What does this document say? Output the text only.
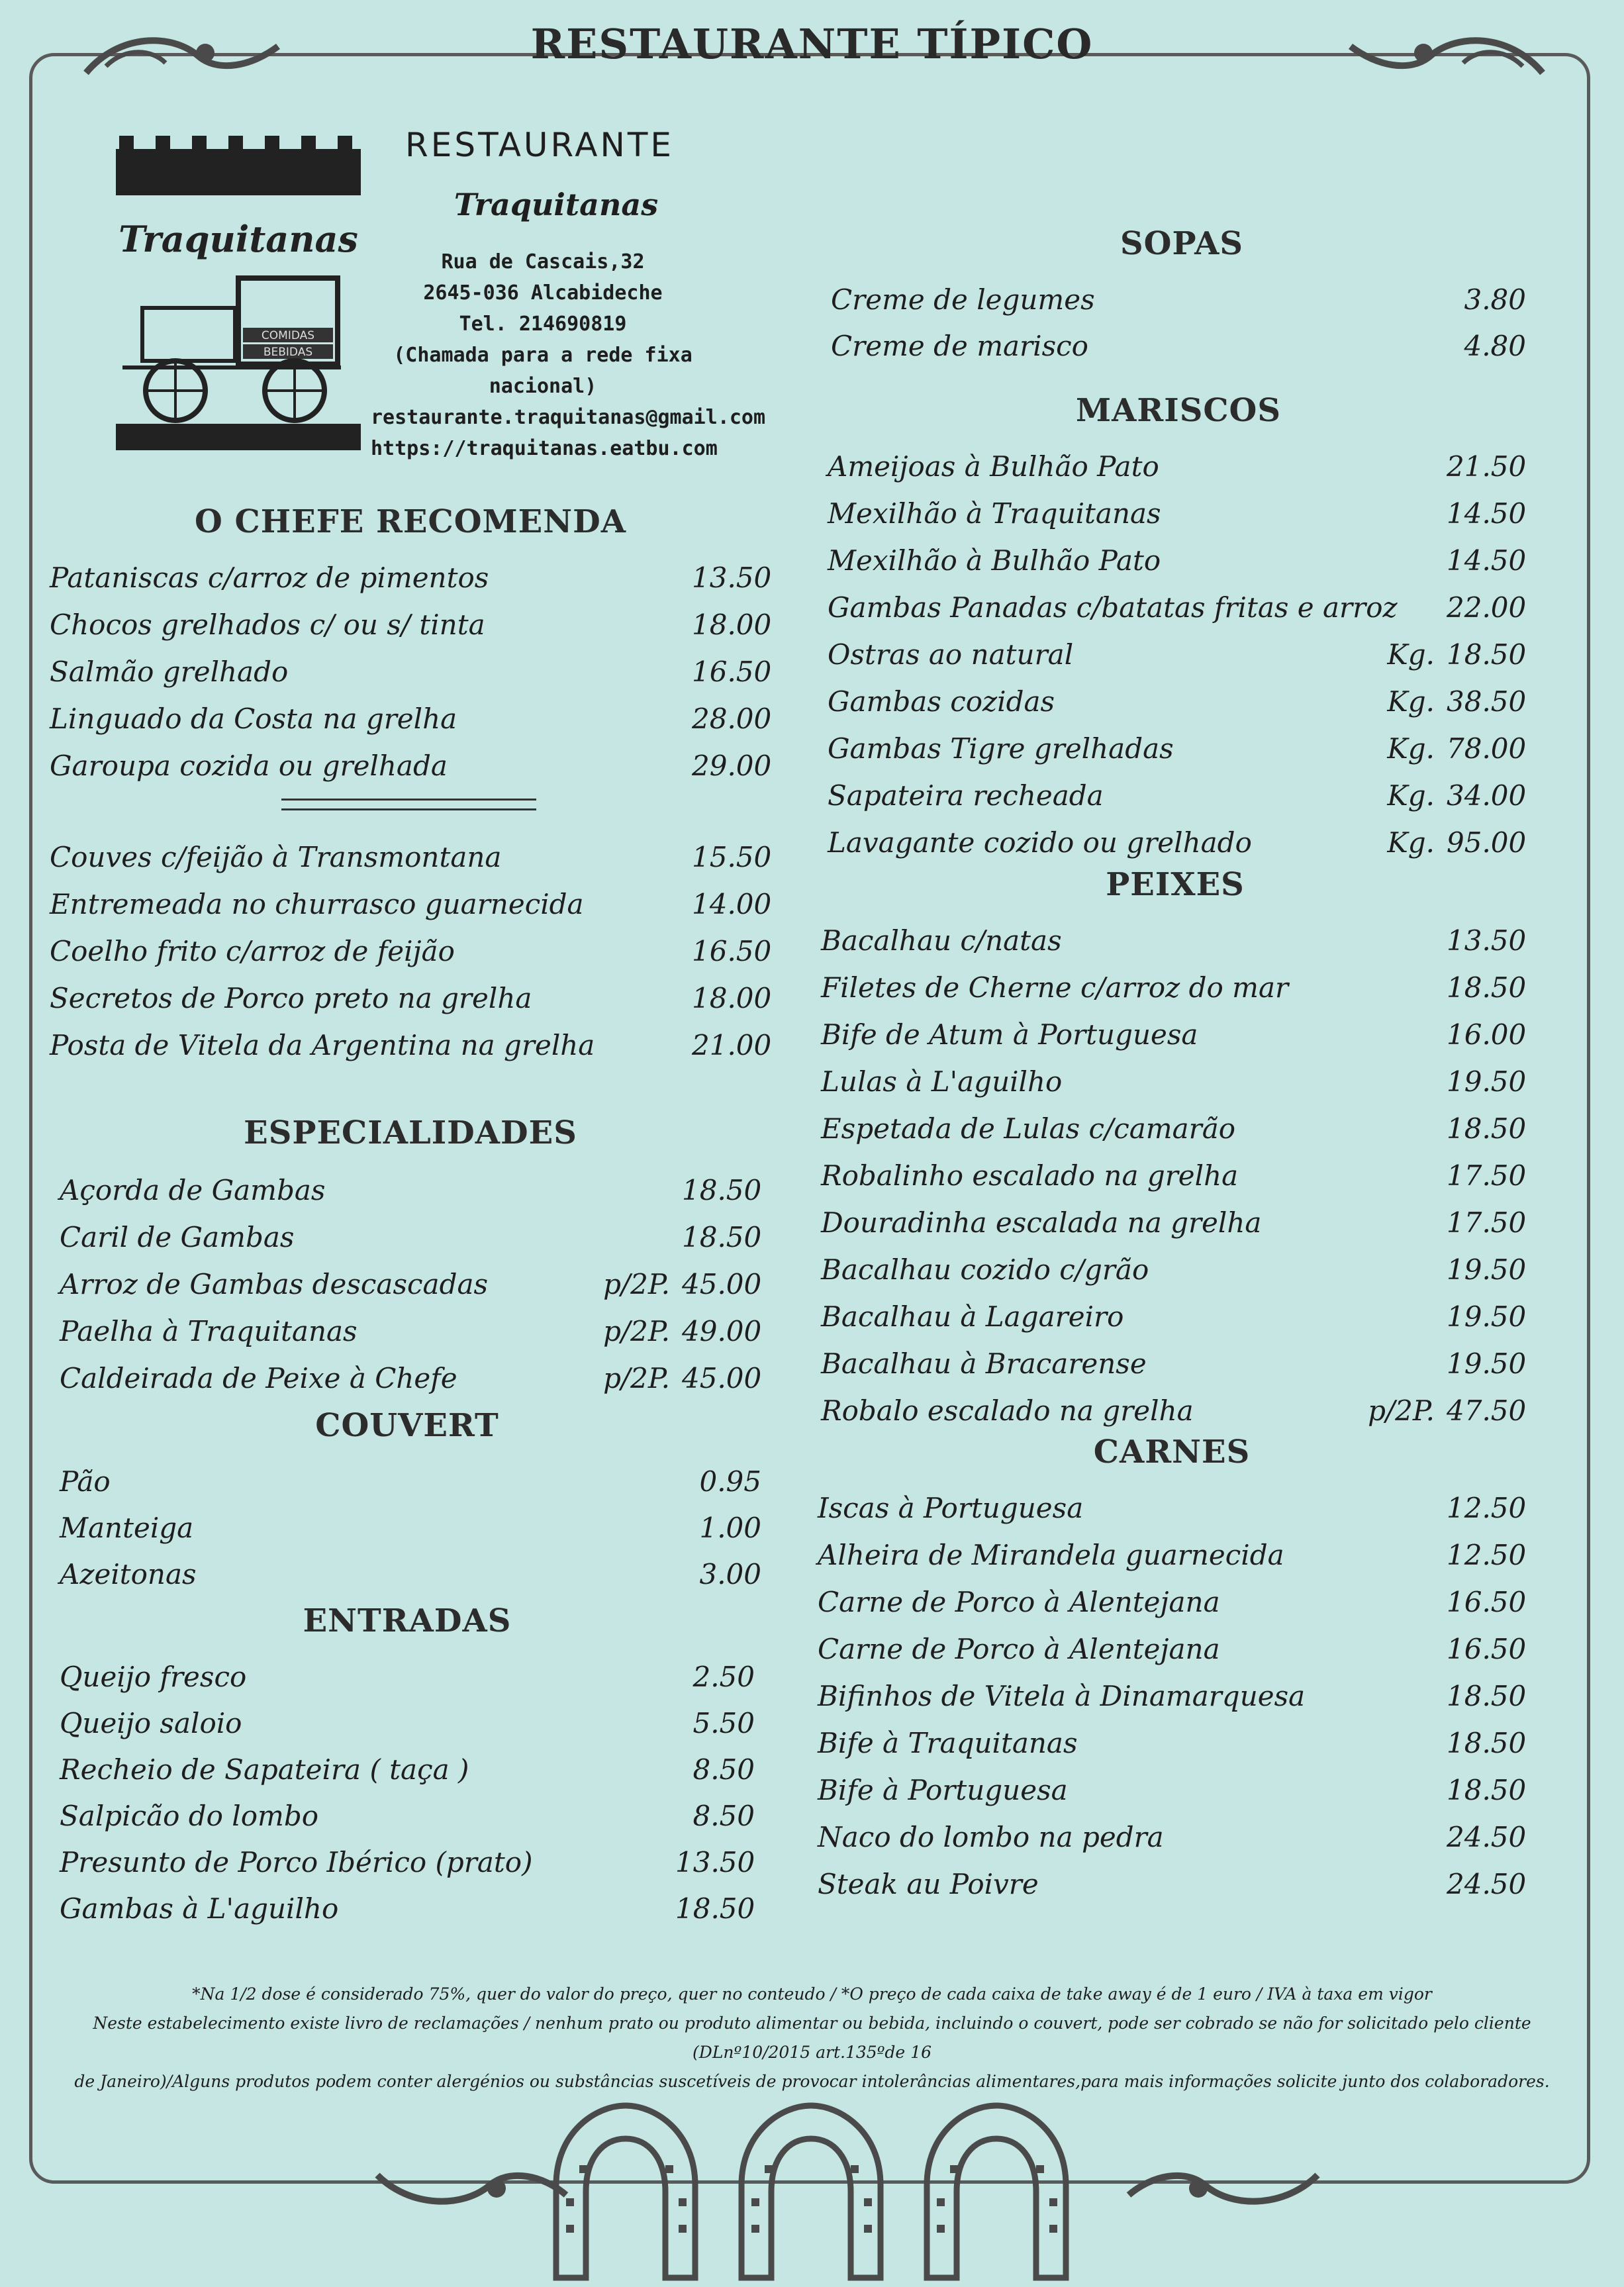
RESTAURANTE TÍPICO
Traquitanas
COMIDAS
BEBIDAS
RESTAURANTE
Traquitanas
Rua de Cascais,32
2645-036 Alcabideche
Tel. 214690819
(Chamada para a rede fixa nacional)
restaurante.traquitanas@gmail.com
https://traquitanas.eatbu.com
O CHEFE RECOMENDA
Pataniscas c/arroz de pimentos	13.50
Chocos grelhados c/ ou s/ tinta	18.00
Salmão grelhado	16.50
Linguado da Costa na grelha	28.00
Garoupa cozida ou grelhada	29.00
Couves c/feijão à Transmontana	15.50
Entremeada no churrasco guarnecida	14.00
Coelho frito c/arroz de feijão	16.50
Secretos de Porco preto na grelha	18.00
Posta de Vitela da Argentina na grelha	21.00
ESPECIALIDADES
Açorda de Gambas	18.50
Caril de Gambas	18.50
Arroz de Gambas descascadas	p/2P. 45.00
Paelha à Traquitanas	p/2P. 49.00
Caldeirada de Peixe à Chefe	p/2P. 45.00
COUVERT
Pão	0.95
Manteiga	1.00
Azeitonas	3.00
ENTRADAS
Queijo fresco	2.50
Queijo saloio	5.50
Recheio de Sapateira ( taça )	8.50
Salpicão do lombo	8.50
Presunto de Porco Ibérico (prato)	13.50
Gambas à L'aguilho	18.50
SOPAS
Creme de legumes	3.80
Creme de marisco	4.80
MARISCOS
Ameijoas à Bulhão Pato	21.50
Mexilhão à Traquitanas	14.50
Mexilhão à Bulhão Pato	14.50
Gambas Panadas c/batatas fritas e arroz 22.00
Ostras ao natural	Kg. 18.50
Gambas cozidas	Kg. 38.50
Gambas Tigre grelhadas	Kg. 78.00
Sapateira recheada	Kg. 34.00
Lavagante cozido ou grelhado	Kg. 95.00
PEIXES
Bacalhau c/natas	13.50
Filetes de Cherne c/arroz do mar	18.50
Bife de Atum à Portuguesa	16.00
Lulas à L'aguilho	19.50
Espetada de Lulas c/camarão	18.50
Robalinho escalado na grelha	17.50
Douradinha escalada na grelha	17.50
Bacalhau cozido c/grão	19.50
Bacalhau à Lagareiro	19.50
Bacalhau à Bracarense	19.50
Robalo escalado na grelha	p/2P. 47.50
CARNES
Iscas à Portuguesa	12.50
Alheira de Mirandela guarnecida	12.50
Carne de Porco à Alentejana	16.50
Carne de Porco à Alentejana	16.50
Bifinhos de Vitela à Dinamarquesa	18.50
Bife à Traquitanas	18.50
Bife à Portuguesa	18.50
Naco do lombo na pedra	24.50
Steak au Poivre	24.50
*Na 1/2 dose é considerado 75%, quer do valor do preço, quer no conteudo / *O preço de cada caixa de take away é de 1 euro / IVA à taxa em vigor
Neste estabelecimento existe livro de reclamações / nenhum prato ou produto alimentar ou bebida, incluindo o couvert, pode ser cobrado se não for solicitado pelo cliente (DLnº10/2015 art.135ºde 16
de Janeiro)/Alguns produtos podem conter alergénios ou substâncias suscetíveis de provocar intolerâncias alimentares,para mais informações solicite junto dos colaboradores.
